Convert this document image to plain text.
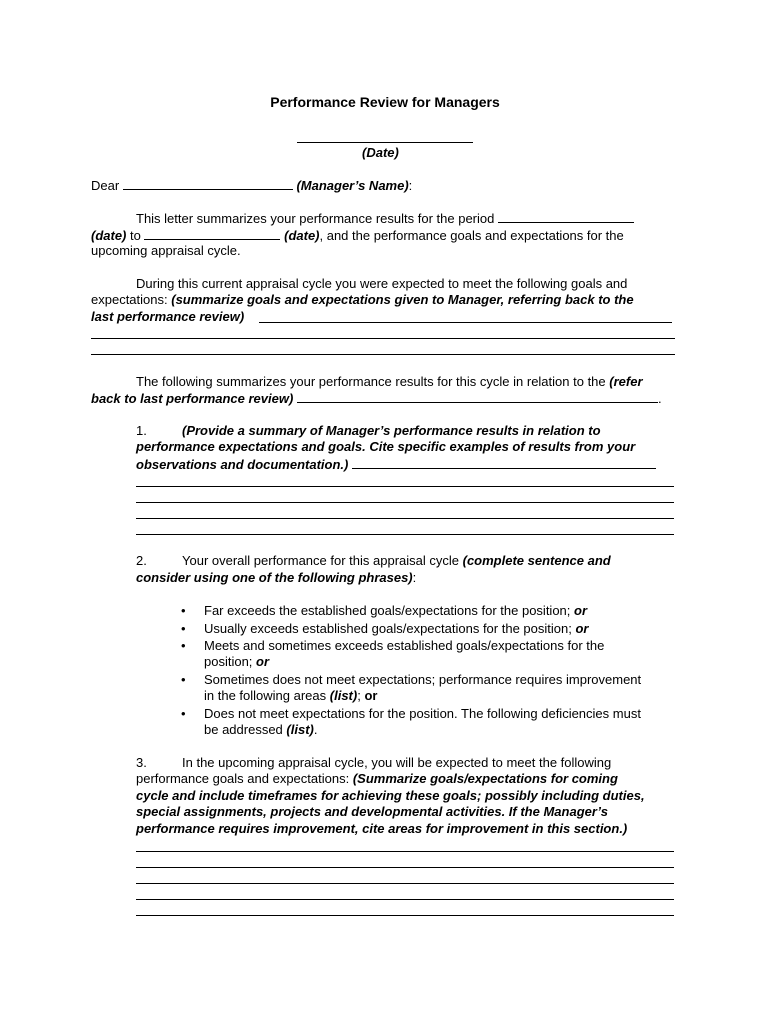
Performance Review for Managers
(Date)
Dear	(Manager’s Name):
This letter summarizes your performance results for the period
(date) to	(date), and the performance goals and expectations for the
upcoming appraisal cycle.
During this current appraisal cycle you were expected to meet the following goals and
expectations: (summarize goals and expectations given to Manager, referring back to the
last performance review)
The following summarizes your performance results for this cycle in relation to the (refer
back to last performance review)	.
1.	(Provide a summary of Manager’s performance results in relation to
performance expectations and goals. Cite specific examples of results from your
observations and documentation.)
2.	Your overall performance for this appraisal cycle (complete sentence and
consider using one of the following phrases):
• Far exceeds the established goals/expectations for the position; or
• Usually exceeds established goals/expectations for the position; or
• Meets and sometimes exceeds established goals/expectations for the
position; or
• Sometimes does not meet expectations; performance requires improvement
in the following areas (list); or
• Does not meet expectations for the position. The following deficiencies must
be addressed (list).
3.	In the upcoming appraisal cycle, you will be expected to meet the following
performance goals and expectations: (Summarize goals/expectations for coming
cycle and include timeframes for achieving these goals; possibly including duties,
special assignments, projects and developmental activities. If the Manager’s
performance requires improvement, cite areas for improvement in this section.)
